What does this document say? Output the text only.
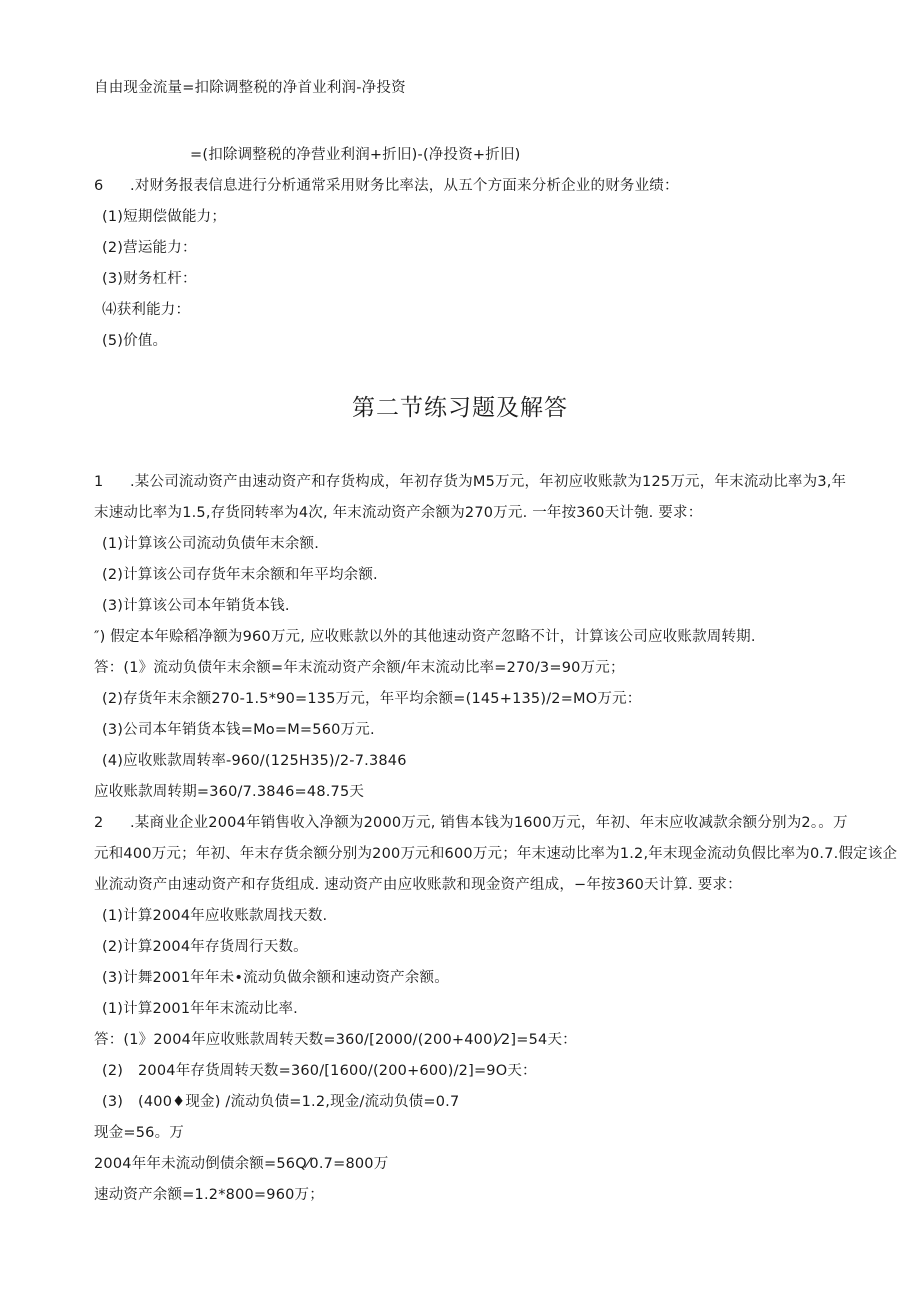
自由现金流量=扣除调整税的净首业利润-净投资
=(扣除调整税的净营业利润+折旧)-(净投资+折旧)
6 .对财务报表信息进行分析通常采用财务比率法，从五个方面来分析企业的财务业绩：
(1)短期偿做能力；
(2)营运能力：
(3)财务杠杆：
⑷获利能力：
(5)价值。
第二节练习题及解答
1 .某公司流动资产由速动资产和存货构成，年初存货为M5万元，年初应收账款为125万元，年末流动比率为3,年
末速动比率为1.5,存货冏转率为4次, 年末流动资产余额为270万元. 一年按360天计匏. 要求：
(1)计算该公司流动负债年末余额.
(2)计算该公司存货年末余额和年平均余额.
(3)计算该公司本年销货本钱.
″) 假定本年赊稻净额为960万元, 应收账款以外的其他速动资产忽略不计，计算该公司应收账款周转期.
答：(1》流动负债年末余额=年末流动资产余额/年末流动比率=270/3=90万元；
(2)存货年末余额270-1.5*90=135万元，年平均余额=(145+135)/2=MO万元：
(3)公司本年销货本钱=Mo=M=560万元.
(4)应收账款周转率-960/(125H35)/2-7.3846
应收账款周转期=360/7.3846=48.75天
2 .某商业企业2004年销售收入净额为2000万元, 销售本钱为1600万元，年初、年末应收减款余额分别为2。。万
元和400万元；年初、年末存货余额分别为200万元和600万元；年末速动比率为1.2,年末现金流动负假比率为0.7.假定该企
业流动资产由速动资产和存货组成. 速动资产由应收账款和现金资产组成，−年按360天计算. 要求：
(1)计算2004年应收账款周找天数.
(2)计算2004年存货周行天数。
(3)计舞2001年年未•流动负做余额和速动资产余额。
(1)计算2001年年末流动比率.
答：(1》2004年应收账款周转天数=360/[2000/(200+400)⁄2]=54天：
(2) 2004年存货周转天数=360/[1600/(200+600)/2]=9O天：
(3) (400♦现金) /流动负债=1.2,现金/流动负债=0.7
现金=56。万
2004年年未流动倒债余额=56Q⁄0.7=800万
速动资产余额=1.2*800=960万；
